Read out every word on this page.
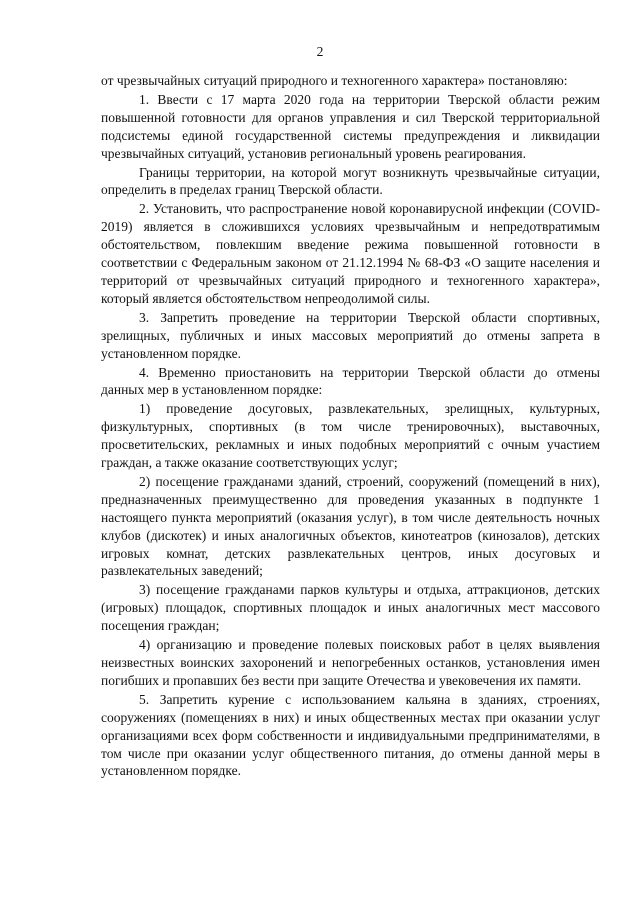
2

от чрезвычайных ситуаций природного и техногенного характера» постановляю:

1. Ввести с 17 марта 2020 года на территории Тверской области режим повышенной готовности для органов управления и сил Тверской территориальной подсистемы единой государственной системы предупреждения и ликвидации чрезвычайных ситуаций, установив региональный уровень реагирования.

Границы территории, на которой могут возникнуть чрезвычайные ситуации, определить в пределах границ Тверской области.

2. Установить, что распространение новой коронавирусной инфекции (COVID-2019) является в сложившихся условиях чрезвычайным и непредотвратимым обстоятельством, повлекшим введение режима повышенной готовности в соответствии с Федеральным законом от 21.12.1994 № 68-ФЗ «О защите населения и территорий от чрезвычайных ситуаций природного и техногенного характера», который является обстоятельством непреодолимой силы.

3. Запретить проведение на территории Тверской области спортивных, зрелищных, публичных и иных массовых мероприятий до отмены запрета в установленном порядке.

4. Временно приостановить на территории Тверской области до отмены данных мер в установленном порядке:

1) проведение досуговых, развлекательных, зрелищных, культурных, физкультурных, спортивных (в том числе тренировочных), выставочных, просветительских, рекламных и иных подобных мероприятий с очным участием граждан, а также оказание соответствующих услуг;

2) посещение гражданами зданий, строений, сооружений (помещений в них), предназначенных преимущественно для проведения указанных в подпункте 1 настоящего пункта мероприятий (оказания услуг), в том числе деятельность ночных клубов (дискотек) и иных аналогичных объектов, кинотеатров (кинозалов), детских игровых комнат, детских развлекательных центров, иных досуговых и развлекательных заведений;

3) посещение гражданами парков культуры и отдыха, аттракционов, детских (игровых) площадок, спортивных площадок и иных аналогичных мест массового посещения граждан;

4) организацию и проведение полевых поисковых работ в целях выявления неизвестных воинских захоронений и непогребенных останков, установления имен погибших и пропавших без вести при защите Отечества и увековечения их памяти.

5. Запретить курение с использованием кальяна в зданиях, строениях, сооружениях (помещениях в них) и иных общественных местах при оказании услуг организациями всех форм собственности и индивидуальными предпринимателями, в том числе при оказании услуг общественного питания, до отмены данной меры в установленном порядке.
